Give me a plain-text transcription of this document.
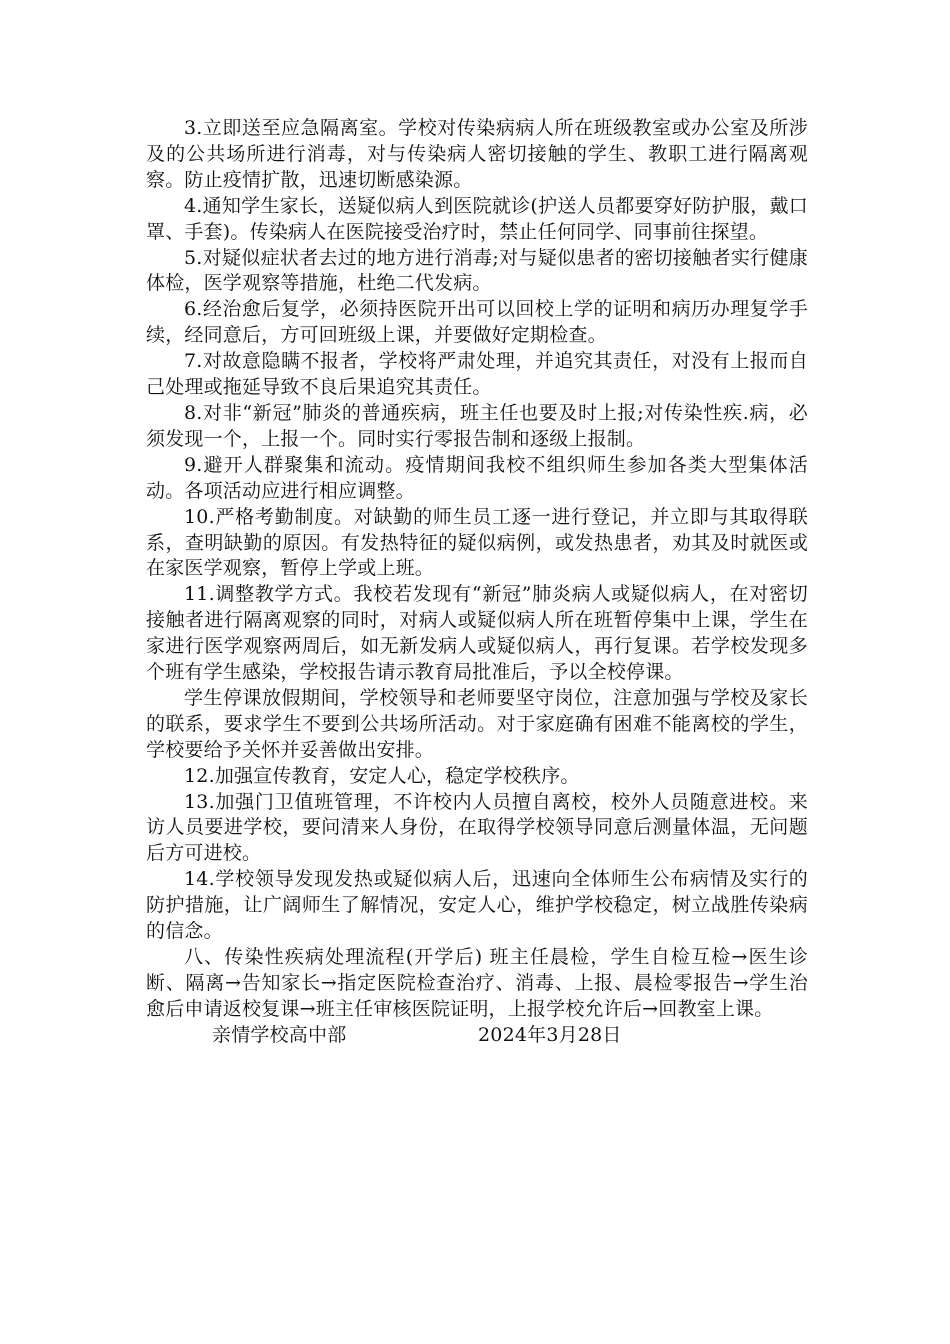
3.立即送至应急隔离室。学校对传染病病人所在班级教室或办公室及所涉及的公共场所进行消毒，对与传染病人密切接触的学生、教职工进行隔离观察。防止疫情扩散，迅速切断感染源。

4.通知学生家长，送疑似病人到医院就诊(护送人员都要穿好防护服，戴口罩、手套)。传染病人在医院接受治疗时，禁止任何同学、同事前往探望。

5.对疑似症状者去过的地方进行消毒;对与疑似患者的密切接触者实行健康体检，医学观察等措施，杜绝二代发病。

6.经治愈后复学，必须持医院开出可以回校上学的证明和病历办理复学手续，经同意后，方可回班级上课，并要做好定期检查。

7.对故意隐瞒不报者，学校将严肃处理，并追究其责任，对没有上报而自己处理或拖延导致不良后果追究其责任。

8.对非“新冠”肺炎的普通疾病，班主任也要及时上报;对传染性疾.病，必须发现一个，上报一个。同时实行零报告制和逐级上报制。

9.避开人群聚集和流动。疫情期间我校不组织师生参加各类大型集体活动。各项活动应进行相应调整。

10.严格考勤制度。对缺勤的师生员工逐一进行登记，并立即与其取得联系，查明缺勤的原因。有发热特征的疑似病例，或发热患者，劝其及时就医或在家医学观察，暂停上学或上班。

11.调整教学方式。我校若发现有“新冠”肺炎病人或疑似病人，在对密切接触者进行隔离观察的同时，对病人或疑似病人所在班暂停集中上课，学生在家进行医学观察两周后，如无新发病人或疑似病人，再行复课。若学校发现多个班有学生感染，学校报告请示教育局批准后，予以全校停课。

学生停课放假期间，学校领导和老师要坚守岗位，注意加强与学校及家长的联系，要求学生不要到公共场所活动。对于家庭确有困难不能离校的学生，学校要给予关怀并妥善做出安排。

12.加强宣传教育，安定人心，稳定学校秩序。

13.加强门卫值班管理，不许校内人员擅自离校，校外人员随意进校。来访人员要进学校，要问清来人身份，在取得学校领导同意后测量体温，无问题后方可进校。

14.学校领导发现发热或疑似病人后，迅速向全体师生公布病情及实行的防护措施，让广阔师生了解情况，安定人心，维护学校稳定，树立战胜传染病的信念。

八、传染性疾病处理流程(开学后) 班主任晨检，学生自检互检→医生诊断、隔离→告知家长→指定医院检查治疗、消毒、上报、晨检零报告→学生治愈后申请返校复课→班主任审核医院证明，上报学校允许后→回教室上课。

亲情学校高中部	2024年3月28日
